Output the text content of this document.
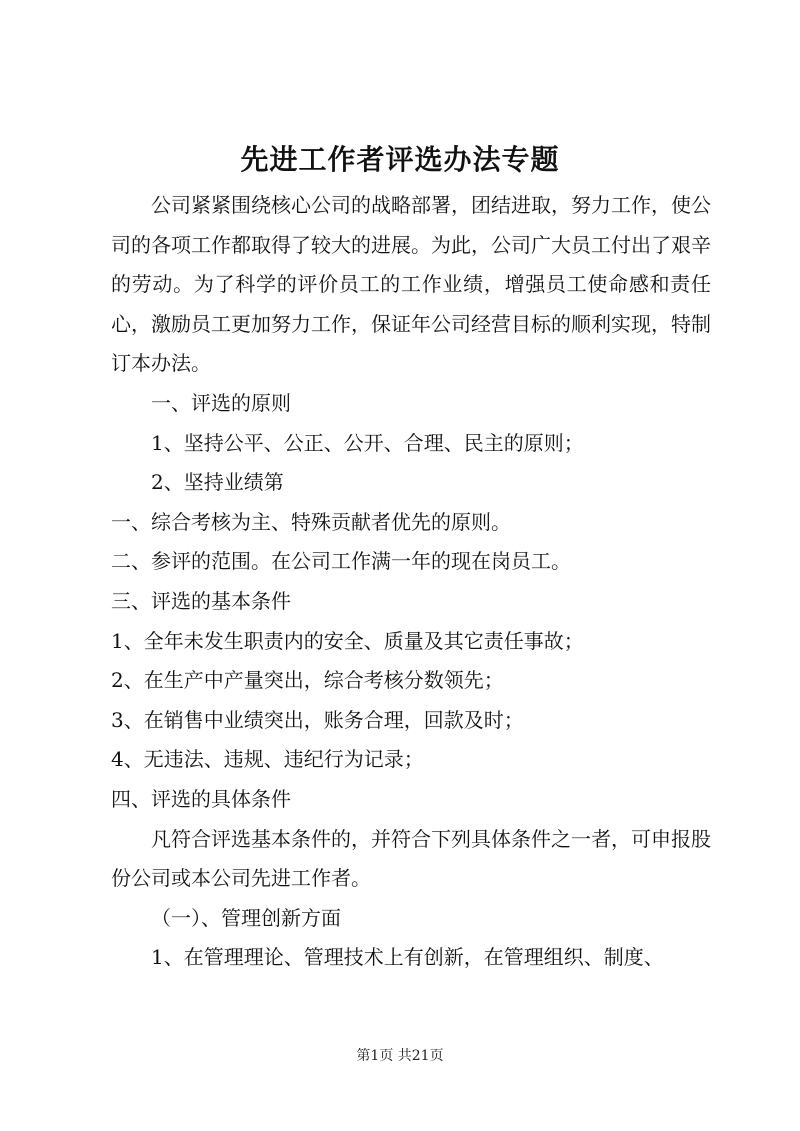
先进工作者评选办法专题

公司紧紧围绕核心公司的战略部署，团结进取，努力工作，使公司的各项工作都取得了较大的进展。为此，公司广大员工付出了艰辛的劳动。为了科学的评价员工的工作业绩，增强员工使命感和责任心，激励员工更加努力工作，保证年公司经营目标的顺利实现，特制订本办法。

一、评选的原则

1、坚持公平、公正、公开、合理、民主的原则；

2、坚持业绩第

一、综合考核为主、特殊贡献者优先的原则。

二、参评的范围。在公司工作满一年的现在岗员工。

三、评选的基本条件

1、全年未发生职责内的安全、质量及其它责任事故；

2、在生产中产量突出，综合考核分数领先；

3、在销售中业绩突出，账务合理，回款及时；

4、无违法、违规、违纪行为记录；

四、评选的具体条件

凡符合评选基本条件的，并符合下列具体条件之一者，可申报股份公司或本公司先进工作者。

（一）、管理创新方面

1、在管理理论、管理技术上有创新，在管理组织、制度、

第1页 共21页
